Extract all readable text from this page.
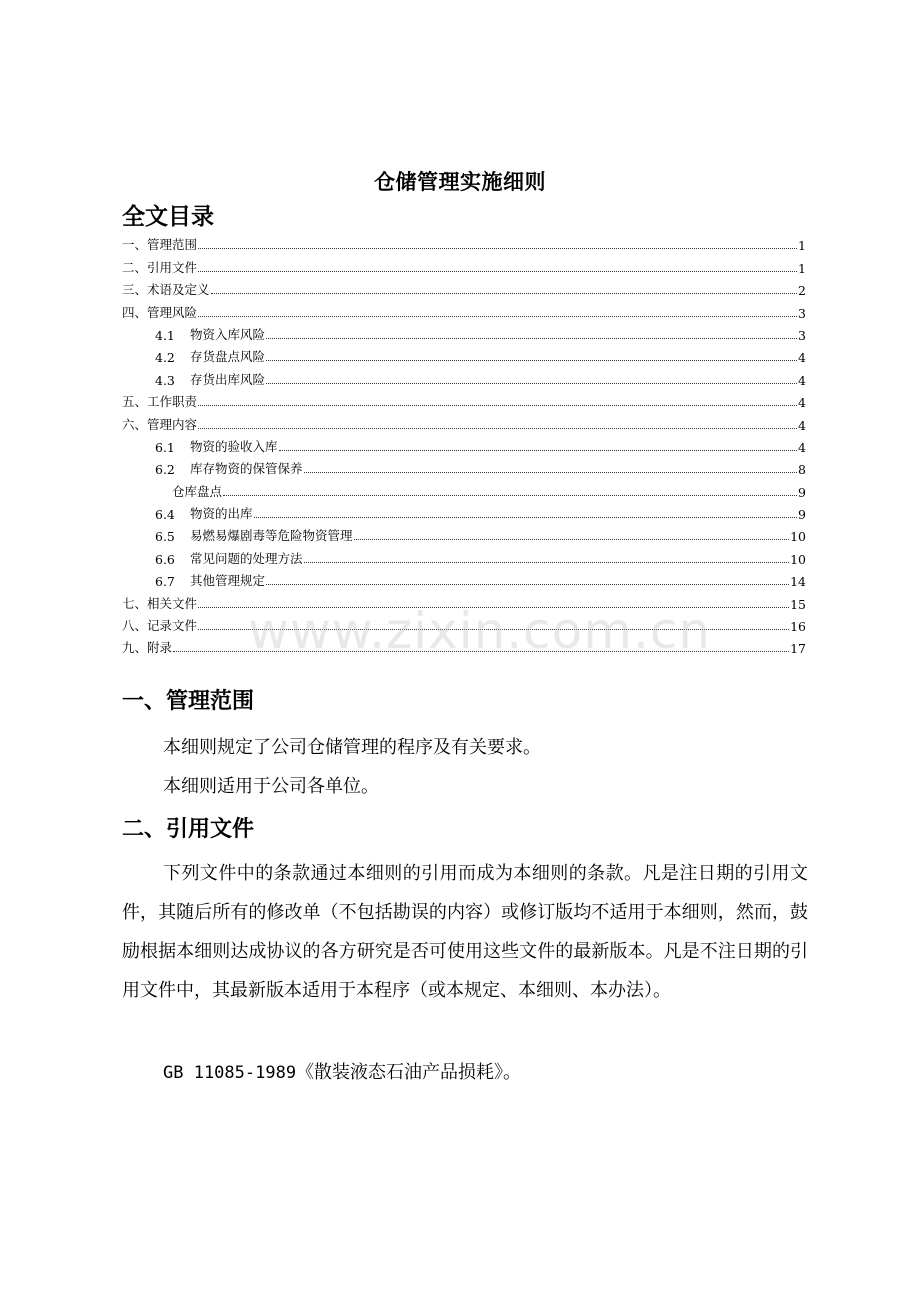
仓储管理实施细则
全文目录
一、管理范围	1
二、引用文件	1
三、术语及定义	2
四、管理风险	3
4.1	物资入库风险	3
4.2	存货盘点风险	4
4.3	存货出库风险	4
五、工作职责	4
六、管理内容	4
6.1	物资的验收入库	4
6.2	库存物资的保管保养	8
仓库盘点	9
6.4	物资的出库	9
6.5	易燃易爆剧毒等危险物资管理	10
6.6	常见问题的处理方法	10
6.7	其他管理规定	14
七、相关文件	15
八、记录文件	16
九、附录	17
www.zixin.com.cn
一、管理范围
本细则规定了公司仓储管理的程序及有关要求。
本细则适用于公司各单位。
二、引用文件
下列文件中的条款通过本细则的引用而成为本细则的条款。凡是注日期的引用文件，其随后所有的修改单（不包括勘误的内容）或修订版均不适用于本细则，然而，鼓励根据本细则达成协议的各方研究是否可使用这些文件的最新版本。凡是不注日期的引用文件中，其最新版本适用于本程序（或本规定、本细则、本办法）。
GB 11085-1989《散装液态石油产品损耗》。
